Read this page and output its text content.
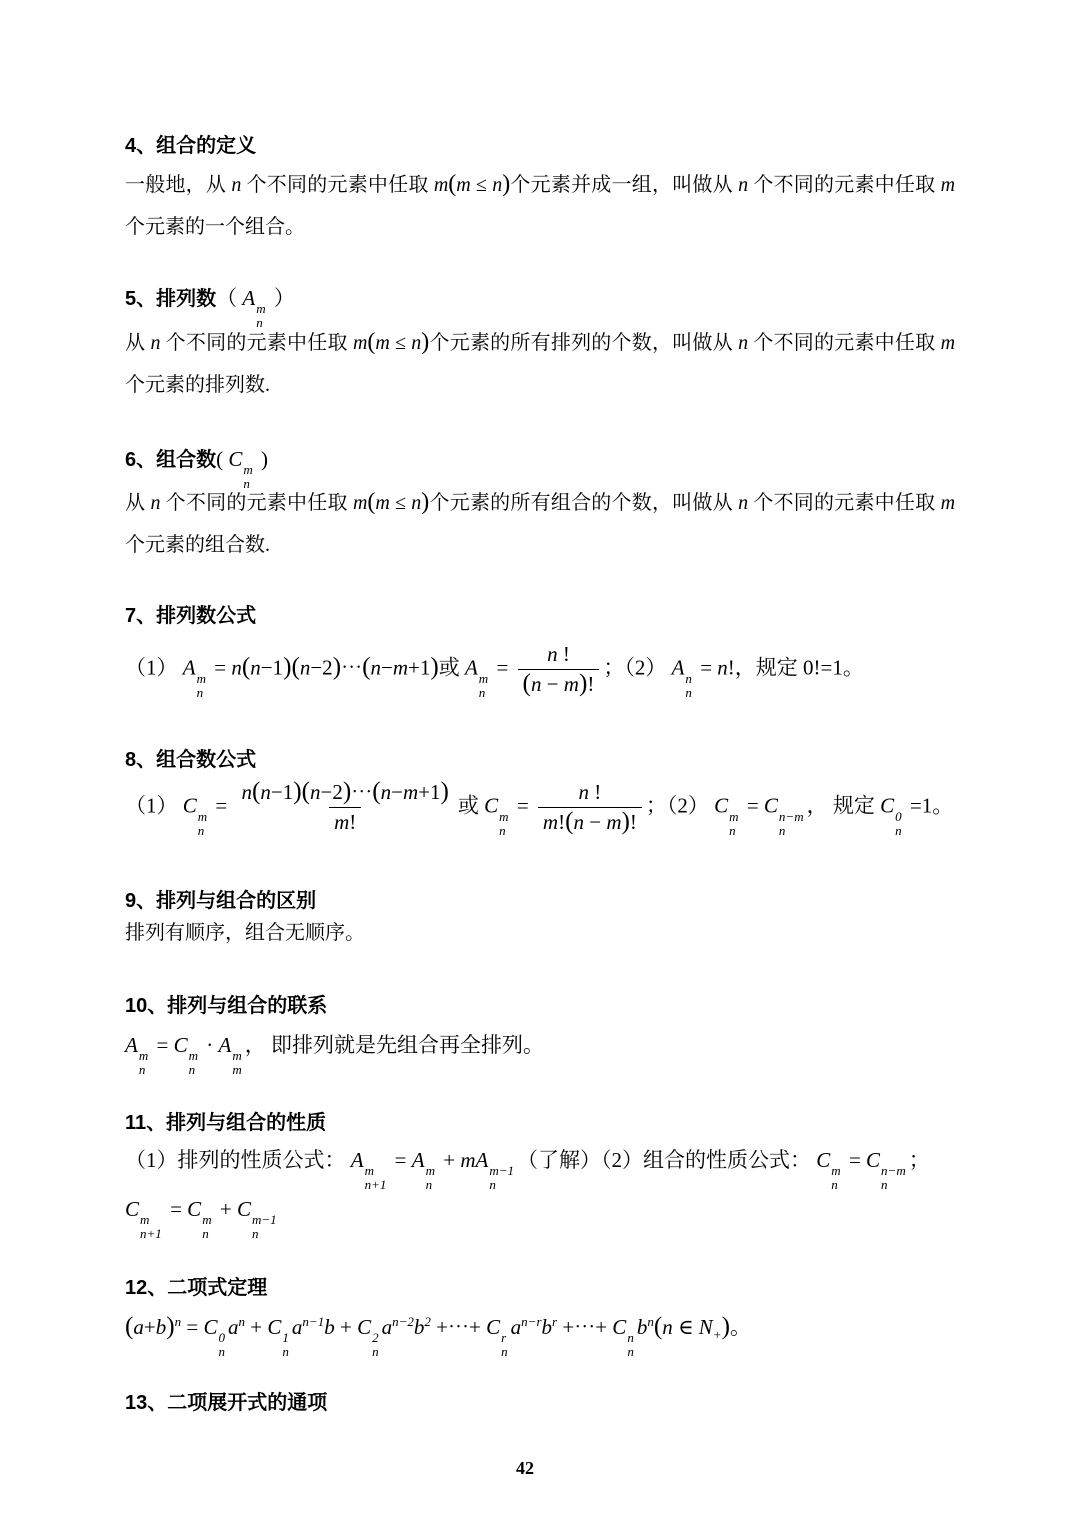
4、组合的定义
一般地，从 n 个不同的元素中任取 m(m ≤ n)个元素并成一组，叫做从 n 个不同的元素中任取 m 个元素的一个组合。
5、排列数（ A m
n
）
从 n 个不同的元素中任取 m(m ≤ n)个元素的所有排列的个数，叫做从 n 个不同的元素中任取 m 个元素的排列数.
6、组合数( C m
n
)
从 n 个不同的元素中任取 m(m ≤ n)个元素的所有组合的个数，叫做从 n 个不同的元素中任取 m 个元素的组合数.
7、排列数公式
（1） A m
n
= n(n−1)(n−2)⋯(n−m+1)或 A m
n
= $\frac{n !}{(n - m)!}$ ；（2） A n
n
= n!，规定 0!=1。
8、组合数公式
（1） C m
n
= $\frac{n(n-1)(n-2)\cdots(n-m+1)}{m!}$ 或 C m
n
= $\frac{n !}{m!(n - m)!}$ ；（2） C m
n
= C n−m
n
， 规定 C 0
n
=1。
9、排列与组合的区别
排列有顺序，组合无顺序。
10、排列与组合的联系
A m
n
= C m
n
· A m
m
， 即排列就是先组合再全排列。
11、排列与组合的性质
（1）排列的性质公式： A m
n+1
= A m
n
+ mA m−1
n
（了解）（2）组合的性质公式： C m
n
= C n−m
n
；
C m
n+1
= C m
n
+ C m−1
n
12、二项式定理
$(a+b)^n = C$ 0
n
$a^n + C$ 1
n
$a^{n-1}b + C$ 2
n
$a^{n-2}b^2$ +⋯+ C r
n
$a^{n-r}b^r$ +⋯+ C n
n
$b^n(n$ ∈ $N_+$)。
13、二项展开式的通项
42
